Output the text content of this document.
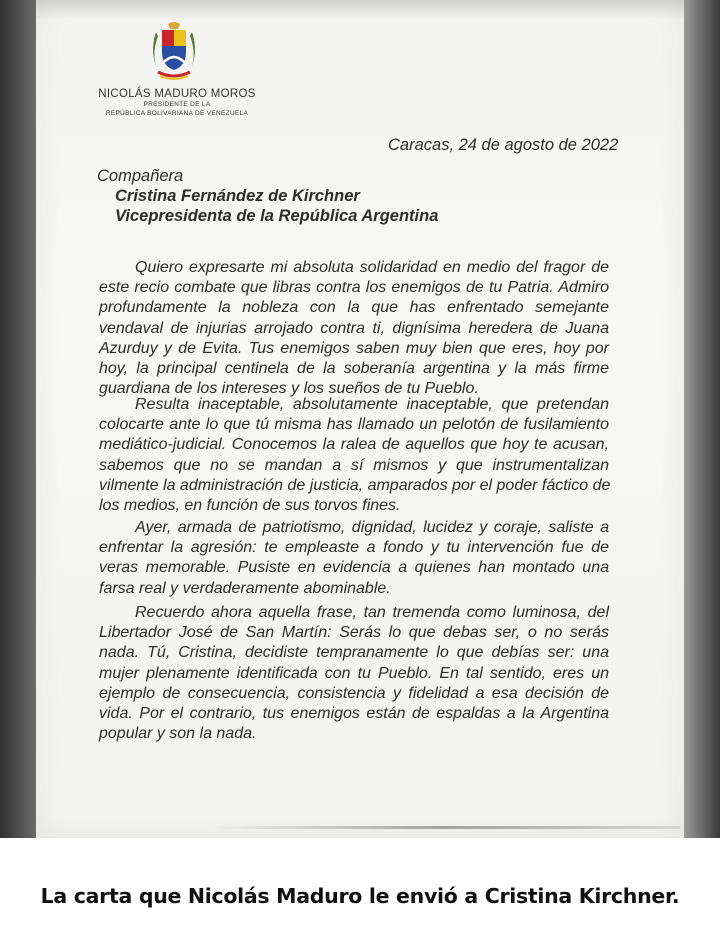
NICOLÁS MADURO MOROS

PRESIDENTE DE LA

REPÚBLICA BOLIVARIANA DE VENEZUELA

Caracas, 24 de agosto de 2022
Compañera
Cristina Fernández de Kirchner
Vicepresidenta de la República Argentina
Quiero expresarte mi absoluta solidaridad en medio del fragor de
este recio combate que libras contra los enemigos de tu Patria. Admiro
profundamente la nobleza con la que has enfrentado semejante
vendaval de injurias arrojado contra ti, dignísima heredera de Juana
Azurduy y de Evita. Tus enemigos saben muy bien que eres, hoy por
hoy, la principal centinela de la soberanía argentina y la más firme
guardiana de los intereses y los sueños de tu Pueblo.
Resulta inaceptable, absolutamente inaceptable, que pretendan
colocarte ante lo que tú misma has llamado un pelotón de fusilamiento
mediático-judicial. Conocemos la ralea de aquellos que hoy te acusan,
sabemos que no se mandan a sí mismos y que instrumentalizan
vilmente la administración de justicia, amparados por el poder fáctico de
los medios, en función de sus torvos fines.
Ayer, armada de patriotismo, dignidad, lucidez y coraje, saliste a
enfrentar la agresión: te empleaste a fondo y tu intervención fue de
veras memorable. Pusiste en evidencia a quienes han montado una
farsa real y verdaderamente abominable.
Recuerdo ahora aquella frase, tan tremenda como luminosa, del
Libertador José de San Martín: Serás lo que debas ser, o no serás
nada. Tú, Cristina, decidiste tempranamente lo que debías ser: una
mujer plenamente identificada con tu Pueblo. En tal sentido, eres un
ejemplo de consecuencia, consistencia y fidelidad a esa decisión de
vida. Por el contrario, tus enemigos están de espaldas a la Argentina
popular y son la nada.
La carta que Nicolás Maduro le envió a Cristina Kirchner.
